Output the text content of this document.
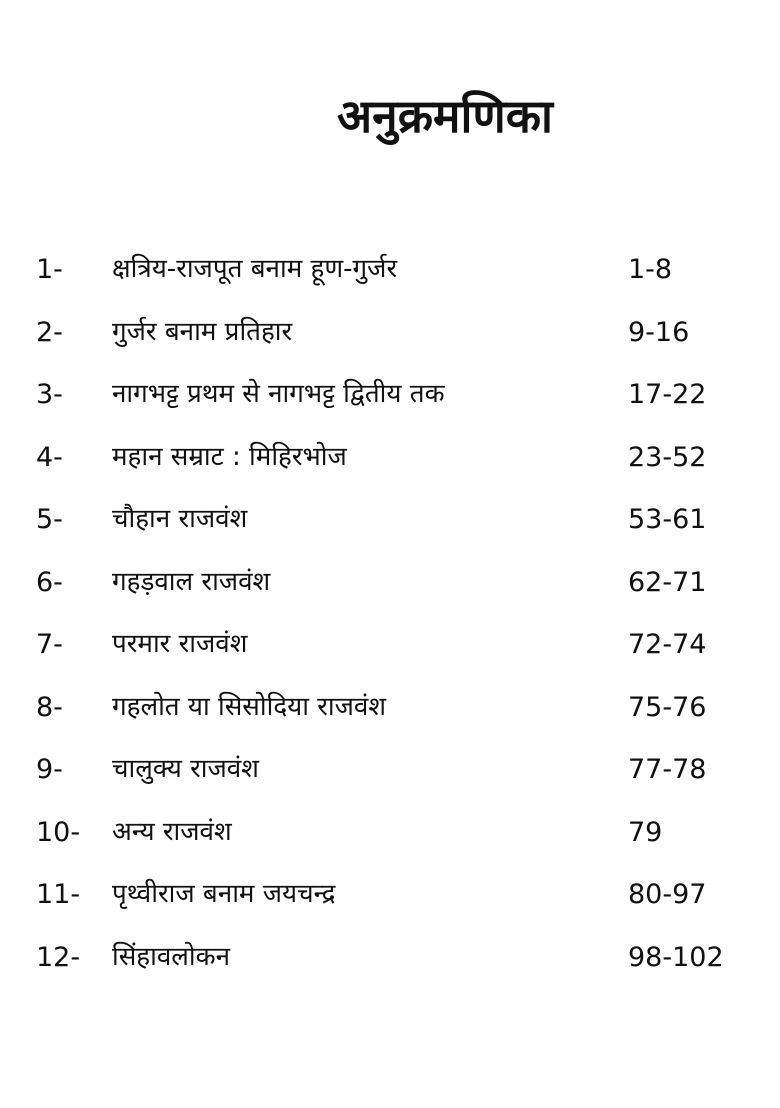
अनुक्रमणिका
1- क्षत्रिय-राजपूत बनाम हूण-गुर्जर	1-8
2- गुर्जर बनाम प्रतिहार	9-16
3- नागभट्ट प्रथम से नागभट्ट द्वितीय तक	17-22
4- महान सम्राट : मिहिरभोज	23-52
5- चौहान राजवंश	53-61
6- गहड़वाल राजवंश	62-71
7- परमार राजवंश	72-74
8- गहलोत या सिसोदिया राजवंश	75-76
9- चालुक्य राजवंश	77-78
10- अन्य राजवंश	79
11- पृथ्वीराज बनाम जयचन्द्र	80-97
12- सिंहावलोकन	98-102
